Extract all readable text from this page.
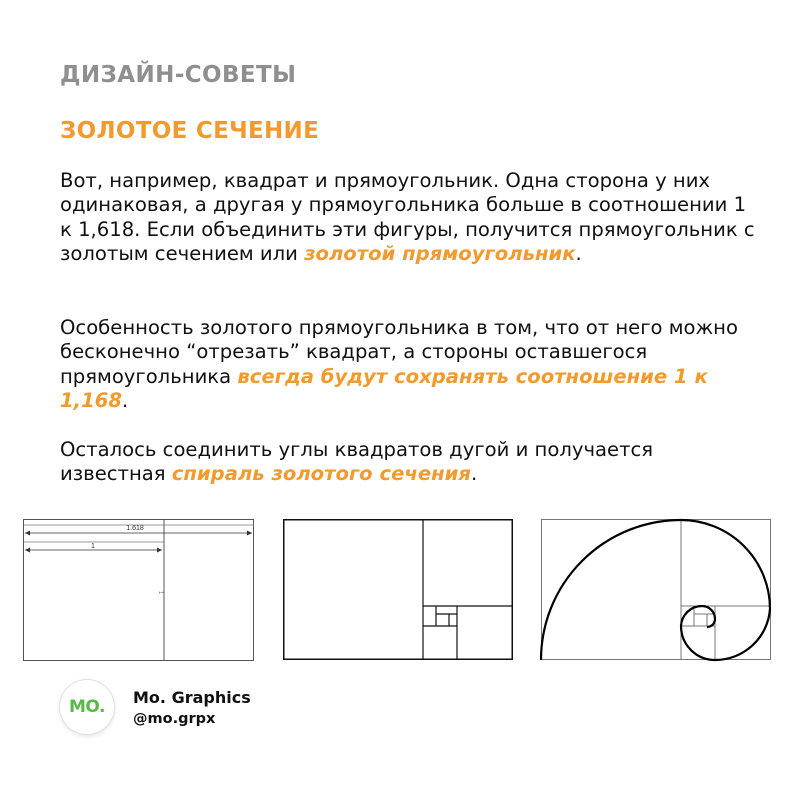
ДИЗАЙН-СОВЕТЫ
ЗОЛОТОЕ СЕЧЕНИЕ

Вот, например, квадрат и прямоугольник. Одна сторона у них одинаковая, а другая у прямоугольника больше в соотношении 1 к 1,618. Если объединить эти фигуры, получится прямоугольник с золотым сечением или золотой прямоугольник.

Особенность золотого прямоугольника в том, что от него можно бесконечно “отрезать” квадрат, а стороны оставшегося прямоугольника всегда будут сохранять соотношение 1 к 1,168.

Осталось соединить углы квадратов дугой и получается известная спираль золотого сечения.

1.618
1
1
MO. Mo. Graphics
@mo.grpx
